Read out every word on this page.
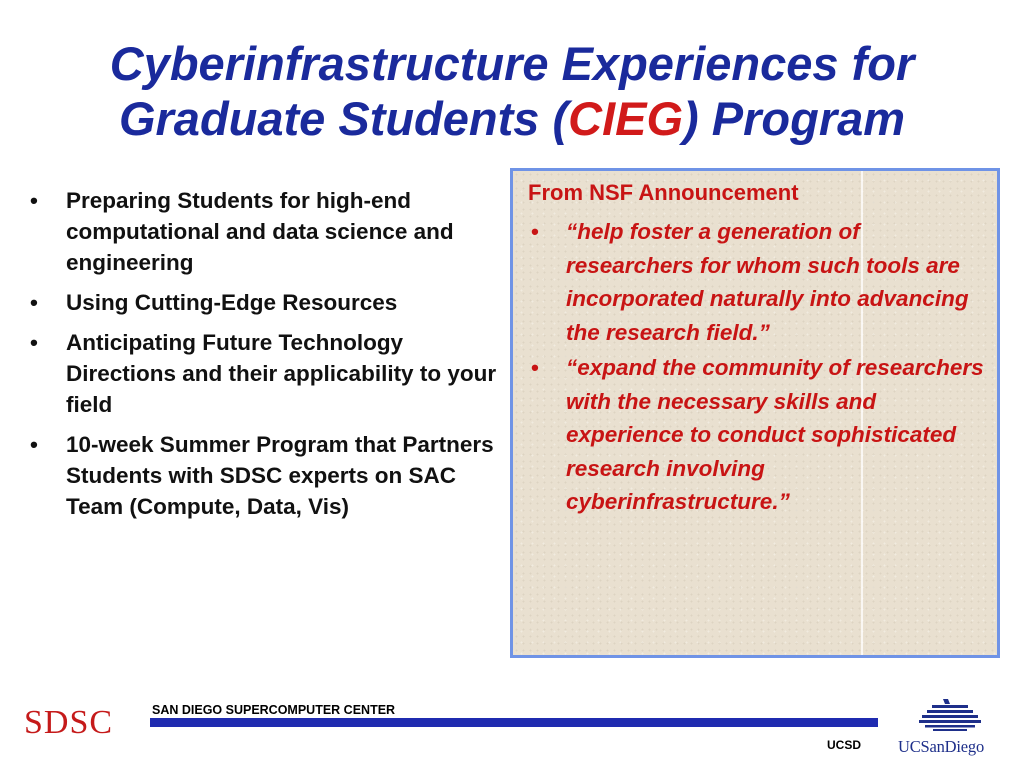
Cyberinfrastructure Experiences for
Graduate Students (CIEG) Program
• Preparing Students for high-end computational and data science and engineering
• Using Cutting-Edge Resources
• Anticipating Future Technology Directions and their applicability to your field
• 10-week Summer Program that Partners Students with SDSC experts on SAC Team (Compute, Data, Vis)

From NSF Announcement

• “help foster a generation of researchers for whom such tools are incorporated naturally into advancing the research field.”
• “expand the community of researchers with the necessary skills and experience to conduct sophisticated research involving cyberinfrastructure.”
SDSC	SAN DIEGO SUPERCOMPUTER CENTER
UCSD UCSanDiego
